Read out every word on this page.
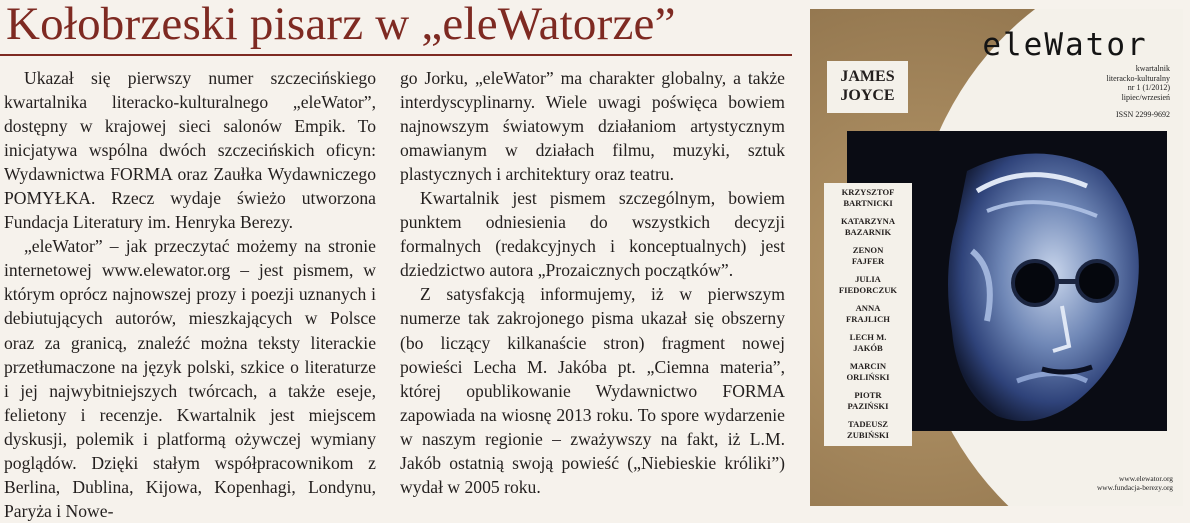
Kołobrzeski pisarz w „eleWatorze”

Ukazał się pierwszy numer szczecińskiego kwartalnika literacko-kulturalnego „eleWator”, dostępny w krajowej sieci salonów Empik. To inicjatywa wspólna dwóch szczecińskich oficyn: Wydawnictwa FORMA oraz Zaułka Wydawniczego POMYŁKA. Rzecz wydaje świeżo utworzona Fundacja Literatury im. Henryka Berezy.

„eleWator” – jak przeczytać możemy na stronie internetowej www.elewator.org – jest pismem, w którym oprócz najnowszej prozy i poezji uznanych i debiutujących autorów, mieszkających w Polsce oraz za granicą, znaleźć można teksty literackie przetłumaczone na język polski, szkice o literaturze i jej najwybitniejszych twórcach, a także eseje, felietony i recenzje. Kwartalnik jest miejscem dyskusji, polemik i platformą ożywczej wymiany poglądów. Dzięki stałym współpracownikom z Berlina, Dublina, Kijowa, Kopenhagi, Londynu, Paryża i Nowe-

go Jorku, „eleWator” ma charakter globalny, a także interdyscyplinarny. Wiele uwagi poświęca bowiem najnowszym światowym działaniom artystycznym omawianym w działach filmu, muzyki, sztuk plastycznych i architektury oraz teatru.

Kwartalnik jest pismem szczególnym, bowiem punktem odniesienia do wszystkich decyzji formalnych (redakcyjnych i konceptualnych) jest dziedzictwo autora „Prozaicznych początków”.

Z satysfakcją informujemy, iż w pierwszym numerze tak zakrojonego pisma ukazał się obszerny (bo liczący kilkanaście stron) fragment nowej powieści Lecha M. Jakóba pt. „Ciemna materia”, której opublikowanie Wydawnictwo FORMA zapowiada na wiosnę 2013 roku. To spore wydarzenie w naszym regionie – zważywszy na fakt, iż L.M. Jakób ostatnią swoją powieść („Niebieskie króliki”) wydał w 2005 roku.

eleWator
kwartalnik
literacko-kulturalny
nr 1 (1/2012)
lipiec/wrzesień
ISSN 2299-9692
JAMES
JOYCE
KRZYSZTOF
BARTNICKI
KATARZYNA
BAZARNIK
ZENON
FAJFER
JULIA
FIEDORCZUK
ANNA
FRAJLICH
LECH M.
JAKÓB
MARCIN
ORLIŃSKI
PIOTR
PAZIŃSKI
TADEUSZ
ZUBIŃSKI
www.elewator.org
www.fundacja-berezy.org
